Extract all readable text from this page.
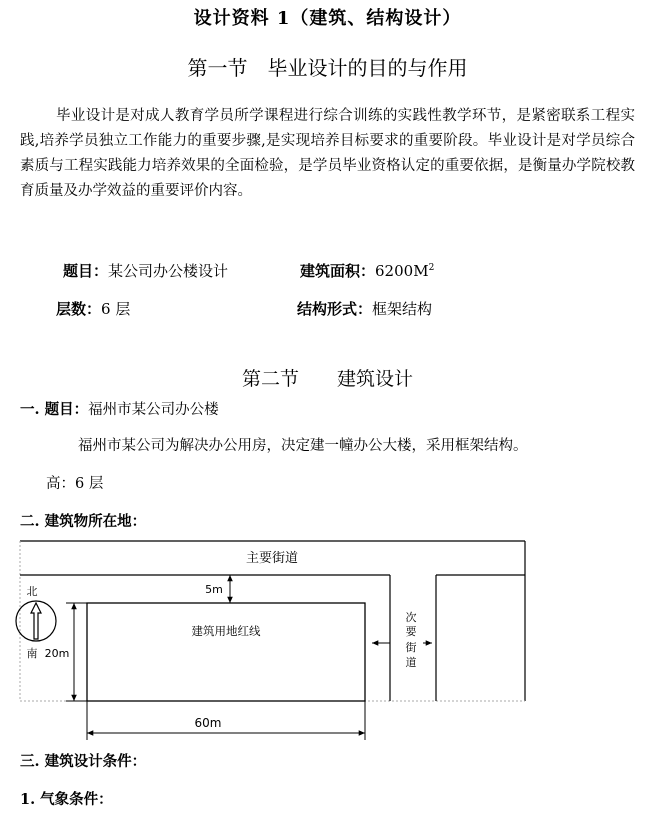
设计资料 1（建筑、结构设计）
第一节　毕业设计的目的与作用
毕业设计是对成人教育学员所学课程进行综合训练的实践性教学环节，是紧密联系工程实践,培养学员独立工作能力的重要步骤,是实现培养目标要求的重要阶段。毕业设计是对学员综合素质与工程实践能力培养效果的全面检验，是学员毕业资格认定的重要依据，是衡量办学院校教育质量及办学效益的重要评价内容。
题目：某公司办公楼设计	建筑面积：$6200M^2$
层数：6 层	结构形式：框架结构
第二节　　建筑设计
一. 题目：福州市某公司办公楼
福州市某公司为解决办公用房，决定建一幢办公大楼，采用框架结构。
高：6 层
二. 建筑物所在地：
主要街道
次
要
街
道
建筑用地红线
5m
20m
60m
北
南
三. 建筑设计条件：
1. 气象条件：
